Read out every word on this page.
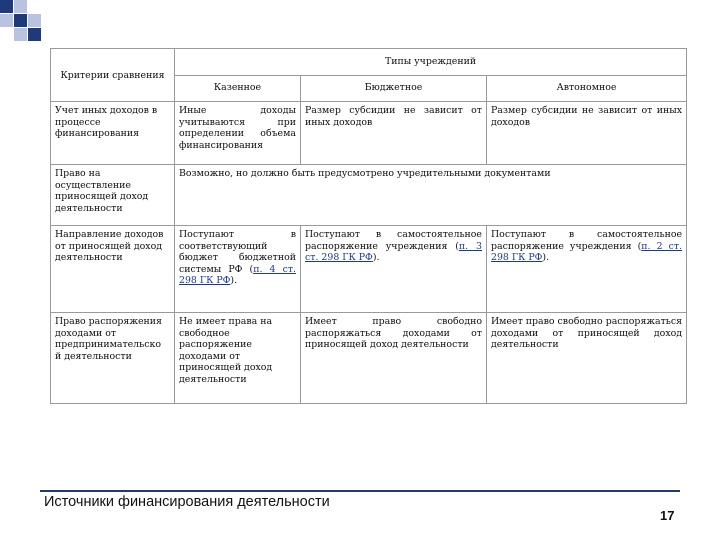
Критерии сравнения	Типы учреждений		
	Казенное	Бюджетное	Автономное
Учет иных доходов в процессе финансирования	Иные доходы учитываются при определении объема финансирования	Размер субсидии не зависит от иных доходов	Размер субсидии не зависит от иных доходов
Право на осуществление приносящей доход деятельности	Возможно, но должно быть предусмотрено учредительными документами		
Направление доходов от приносящей доход деятельности	Поступают в соответствующий бюджет бюджетной системы РФ (п. 4 ст. 298 ГК РФ).	Поступают в самостоятельное распоряжение учреждения (п. 3 ст. 298 ГК РФ).	Поступают в самостоятельное распоряжение учреждения (п. 2 ст. 298 ГК РФ).
Право распоряжения доходами от предпринимательско й деятельности	Не имеет права на свободное распоряжение доходами от приносящей доход деятельности	Имеет право свободно распоряжаться доходами от приносящей доход деятельности	Имеет право свободно распоряжаться доходами от приносящей доход деятельности
Источники финансирования деятельности
17
